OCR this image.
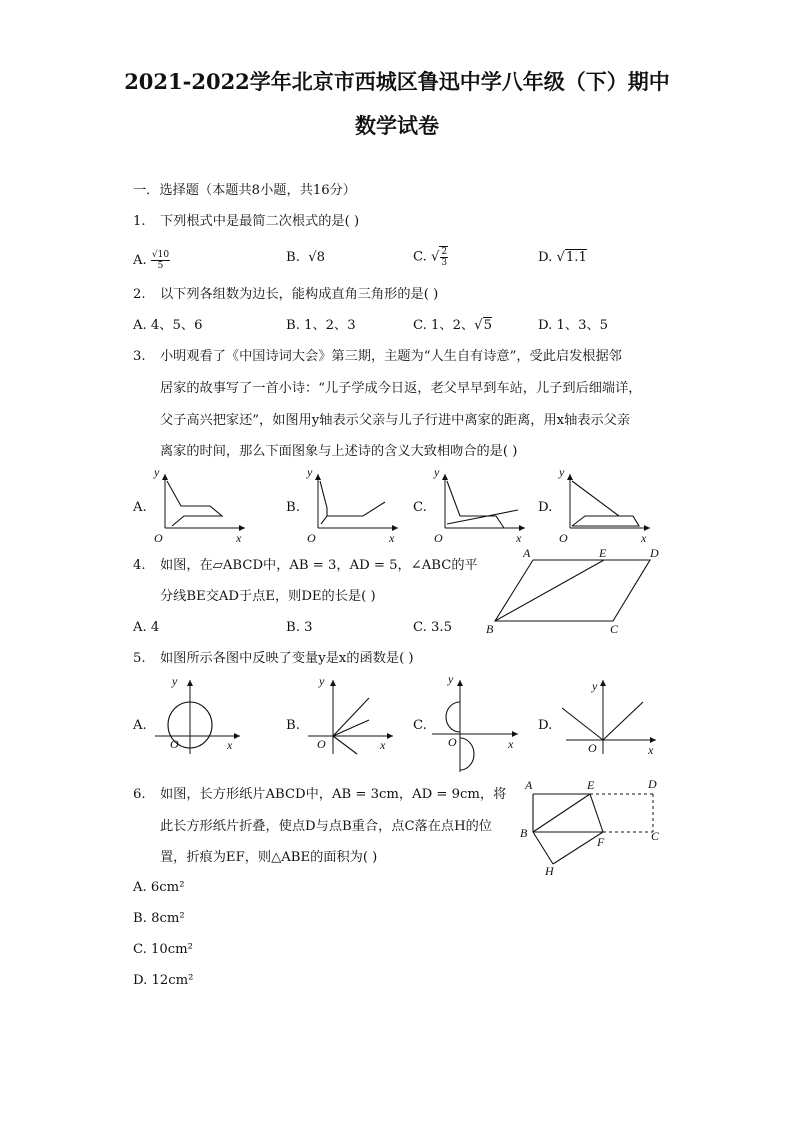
2021-2022学年北京市西城区鲁迅中学八年级（下）期中
数学试卷
一．选择题（本题共8小题，共16分）
1. 下列根式中是最简二次根式的是( )
A. $\frac{√10}{5}$	B. √8	C. √ $\frac{2}{3}$	D. √1.1
2. 以下列各组数为边长，能构成直角三角形的是( )
A. 4、5、6	B. 1、2、3	C. 1、2、√5	D. 1、3、5
3. 小明观看了《中国诗词大会》第三期，主题为“人生自有诗意”，受此启发根据邻
居家的故事写了一首小诗：“儿子学成今日返，老父早早到车站，儿子到后细端详，
父子高兴把家还”，如图用y轴表示父亲与儿子行进中离家的距离，用x轴表示父亲
离家的时间，那么下面图象与上述诗的含义大致相吻合的是( )
A.	B.	C.	D.
y
x
O
y
x
O
y
x
O
y
x
O
4. 如图，在▱ABCD中，AB = 3，AD = 5，∠ABC的平
分线BE交AD于点E，则DE的长是( )
A. 4	B. 3	C. 3.5
A	E	D
B	C
5. 如图所示各图中反映了变量y是x的函数是( )
A.	B.	C.	D.
y
x
O
y
x
O
y
x
O
y
x
O
6. 如图，长方形纸片ABCD中，AB = 3cm，AD = 9cm，将
此长方形纸片折叠，使点D与点B重合，点C落在点H的位
置，折痕为EF，则△ABE的面积为( )
A. 6cm²
B. 8cm²
C. 10cm²
D. 12cm²
A	E	D
B
F	C
H
